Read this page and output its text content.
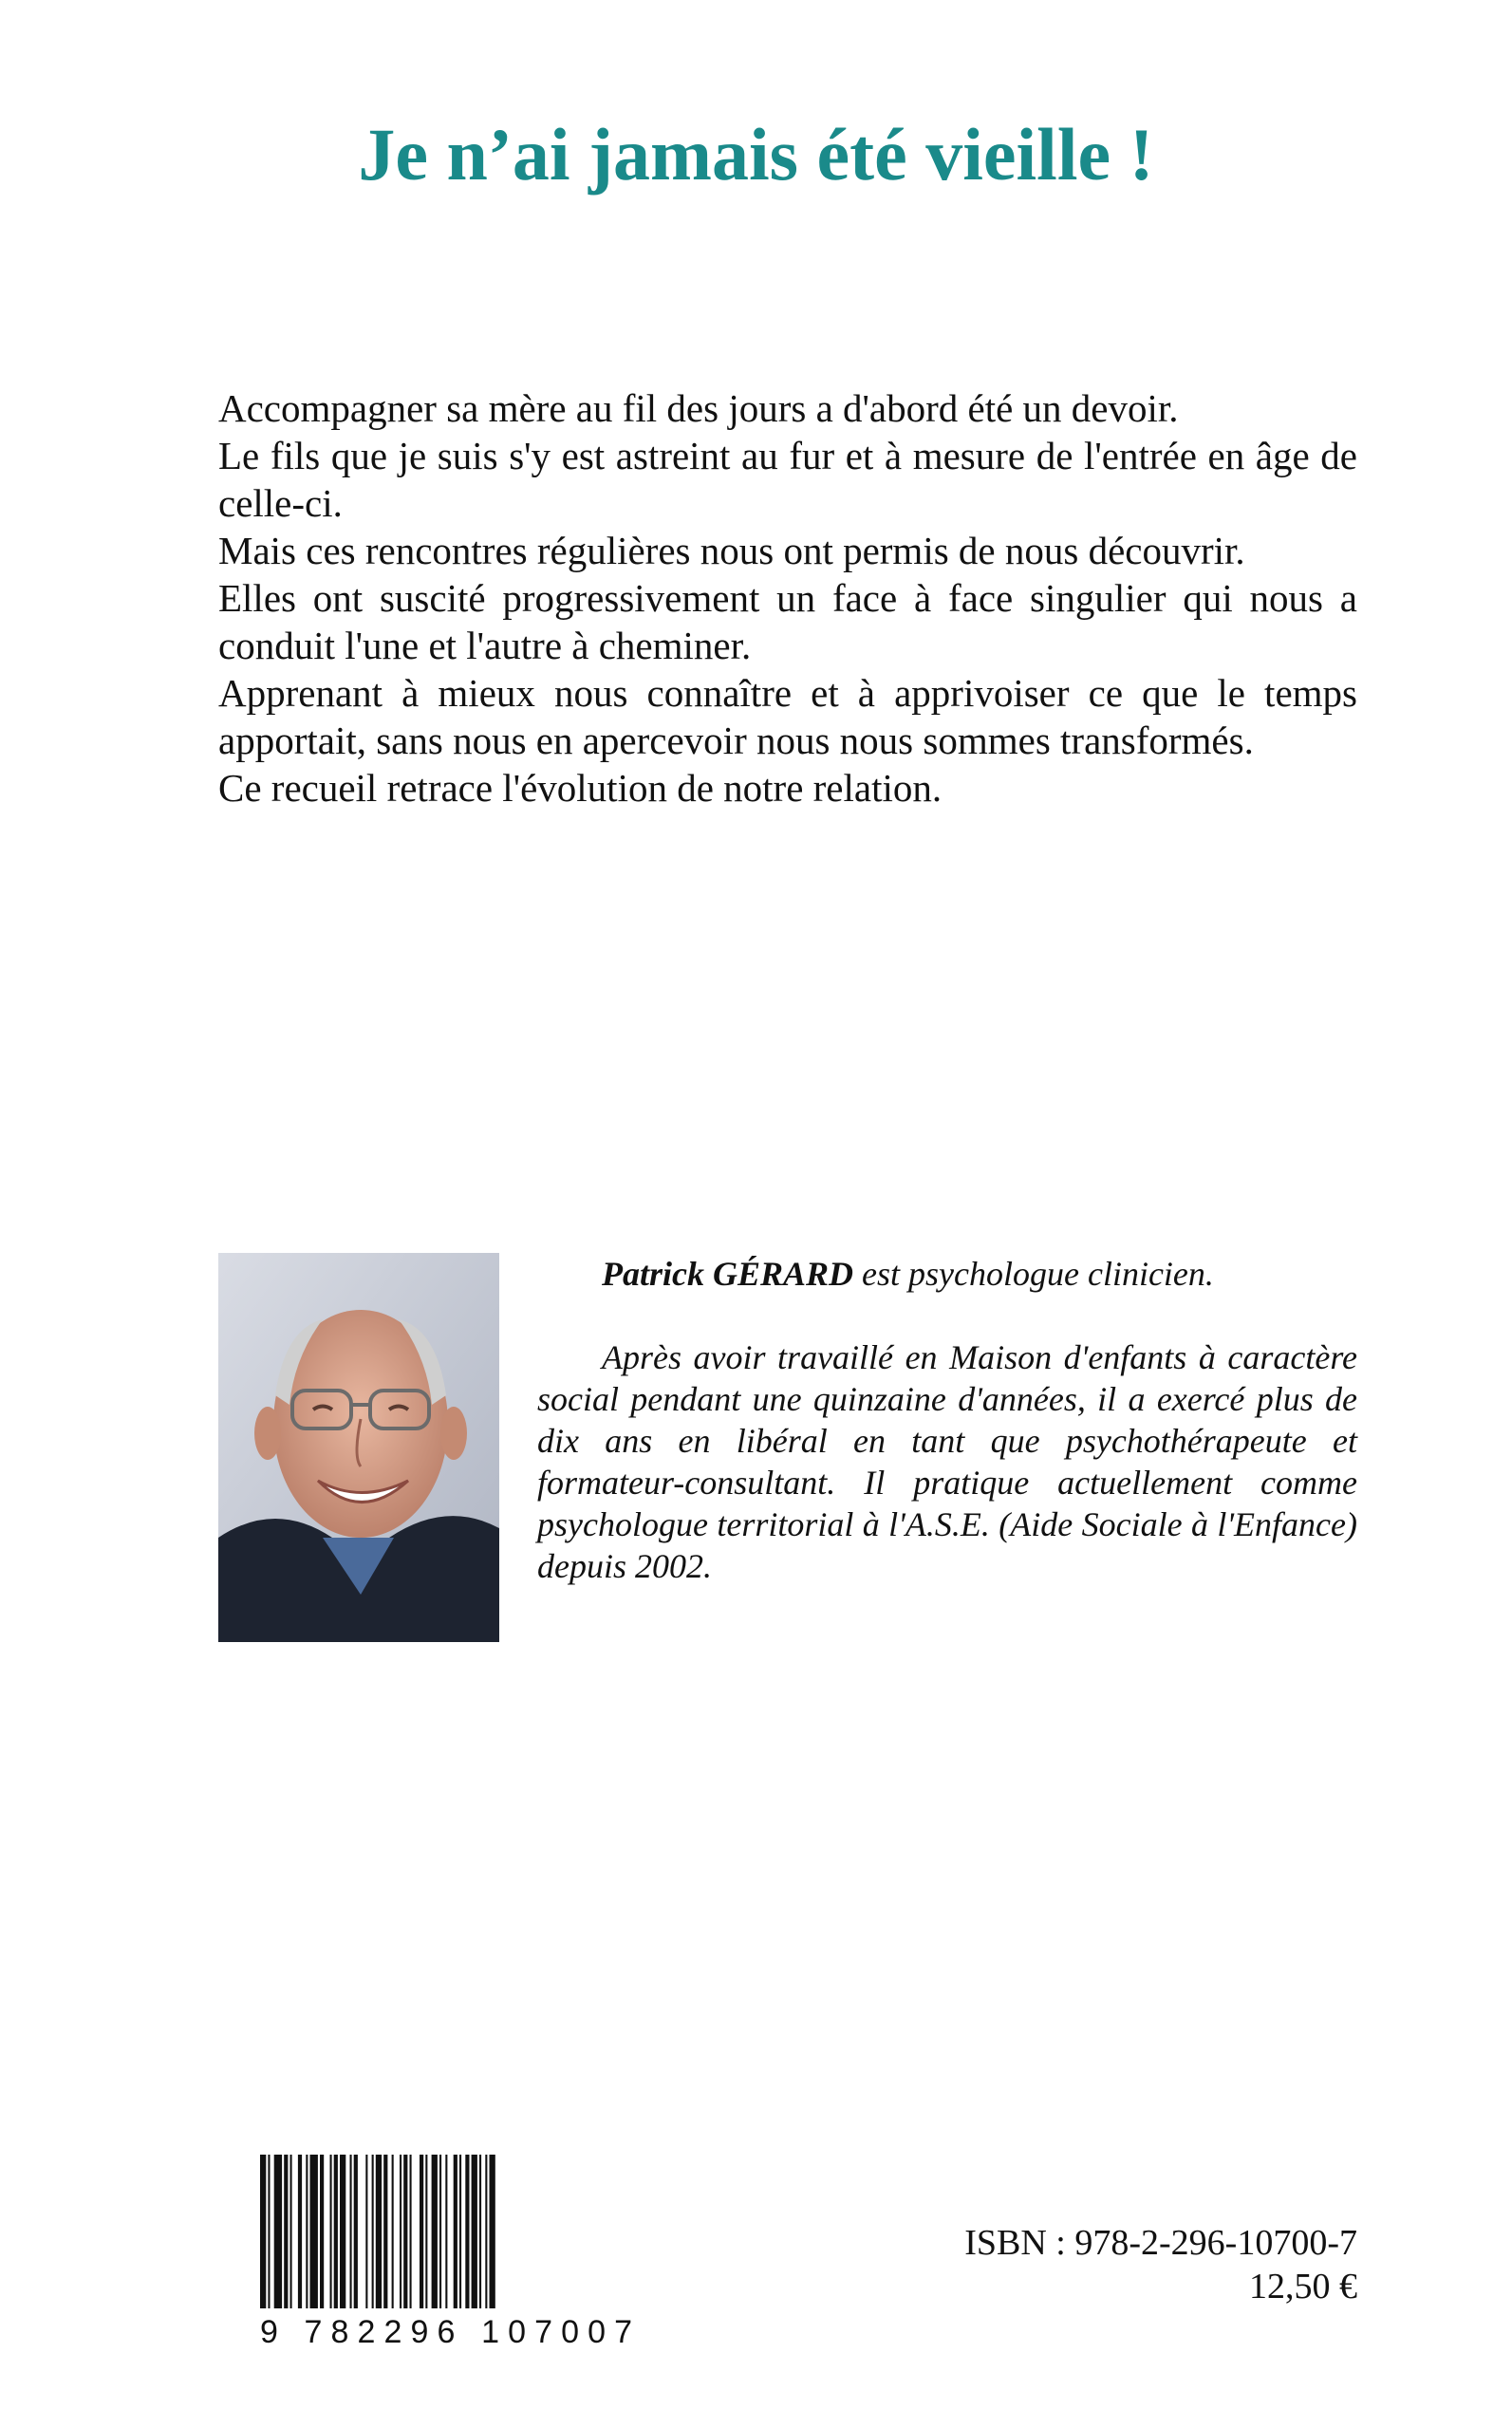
Je n’ai jamais été vieille !

Accompagner sa mère au fil des jours a d'abord été un devoir.

Le fils que je suis s'y est astreint au fur et à mesure de l'entrée en âge de celle-ci.

Mais ces rencontres régulières nous ont permis de nous découvrir.

Elles ont suscité progressivement un face à face singulier qui nous a conduit l'une et l'autre à cheminer.

Apprenant à mieux nous connaître et à apprivoiser ce que le temps apportait, sans nous en apercevoir nous nous sommes transformés.

Ce recueil retrace l'évolution de notre relation.

Patrick GÉRARD est psychologue clinicien.

Après avoir travaillé en Maison d'enfants à caractère social pendant une quinzaine d'années, il a exercé plus de dix ans en libéral en tant que psychothérapeute et formateur-consultant. Il pratique actuellement comme psychologue territorial à l'A.S.E. (Aide Sociale à l'Enfance) depuis 2002.

9 782296 107007
ISBN : 978-2-296-10700-7
12,50 €
